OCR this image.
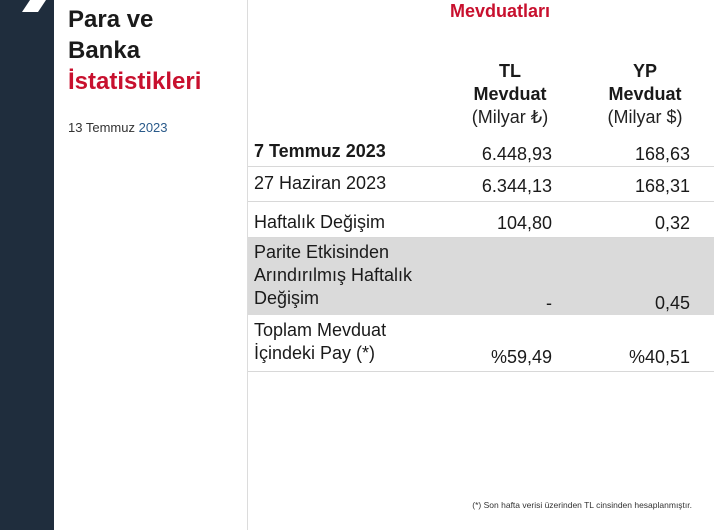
Para ve
Banka
İstatistikleri
13 Temmuz 2023
Mevduatları
TL
Mevduat
(Milyar ₺)
YP
Mevduat
(Milyar $)
7 Temmuz 2023	6.448,93	168,63
27 Haziran 2023	6.344,13	168,31
Haftalık Değişim	104,80	0,32
Parite Etkisinden
Arındırılmış Haftalık
Değişim	-	0,45
Toplam Mevduat
İçindeki Pay (*)	%59,49	%40,51
(*) Son hafta verisi üzerinden TL cinsinden hesaplanmıştır.
